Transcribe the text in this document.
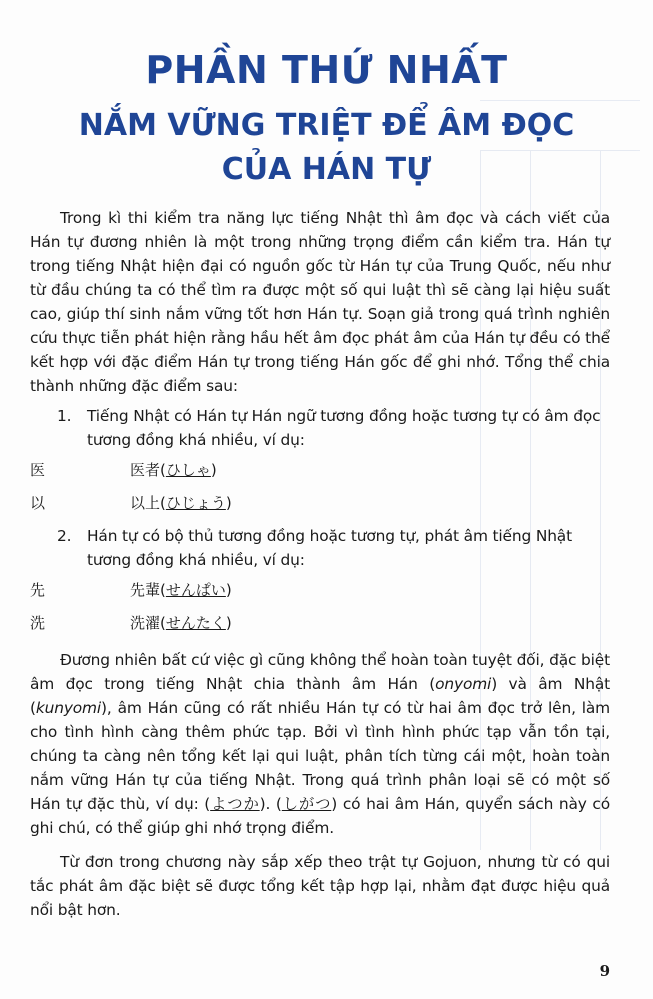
PHẦN THỨ NHẤT
NẮM VỮNG TRIỆT ĐỂ ÂM ĐỌC
CỦA HÁN TỰ

Trong kì thi kiểm tra năng lực tiếng Nhật thì âm đọc và cách viết của Hán tự đương nhiên là một trong những trọng điểm cần kiểm tra. Hán tự trong tiếng Nhật hiện đại có nguồn gốc từ Hán tự của Trung Quốc, nếu như từ đầu chúng ta có thể tìm ra được một số qui luật thì sẽ càng lại hiệu suất cao, giúp thí sinh nắm vững tốt hơn Hán tự. Soạn giả trong quá trình nghiên cứu thực tiễn phát hiện rằng hầu hết âm đọc phát âm của Hán tự đều có thể kết hợp với đặc điểm Hán tự trong tiếng Hán gốc để ghi nhớ. Tổng thể chia thành những đặc điểm sau:

1. Tiếng Nhật có Hán tự Hán ngữ tương đồng hoặc tương tự có âm đọc tương đồng khá nhiều, ví dụ:
医	医者(ひしゃ)
以	以上(ひじょう)
2. Hán tự có bộ thủ tương đồng hoặc tương tự, phát âm tiếng Nhật tương đồng khá nhiều, ví dụ:
先	先輩(せんぱい)
洗	洗濯(せんたく)

Đương nhiên bất cứ việc gì cũng không thể hoàn toàn tuyệt đối, đặc biệt âm đọc trong tiếng Nhật chia thành âm Hán (onyomi) và âm Nhật (kunyomi), âm Hán cũng có rất nhiều Hán tự có từ hai âm đọc trở lên, làm cho tình hình càng thêm phức tạp. Bởi vì tình hình phức tạp vẫn tồn tại, chúng ta càng nên tổng kết lại qui luật, phân tích từng cái một, hoàn toàn nắm vững Hán tự của tiếng Nhật. Trong quá trình phân loại sẽ có một số Hán tự đặc thù, ví dụ: (よつか). (しがつ) có hai âm Hán, quyển sách này có ghi chú, có thể giúp ghi nhớ trọng điểm.

Từ đơn trong chương này sắp xếp theo trật tự Gojuon, nhưng từ có qui tắc phát âm đặc biệt sẽ được tổng kết tập hợp lại, nhằm đạt được hiệu quả nổi bật hơn.

9
